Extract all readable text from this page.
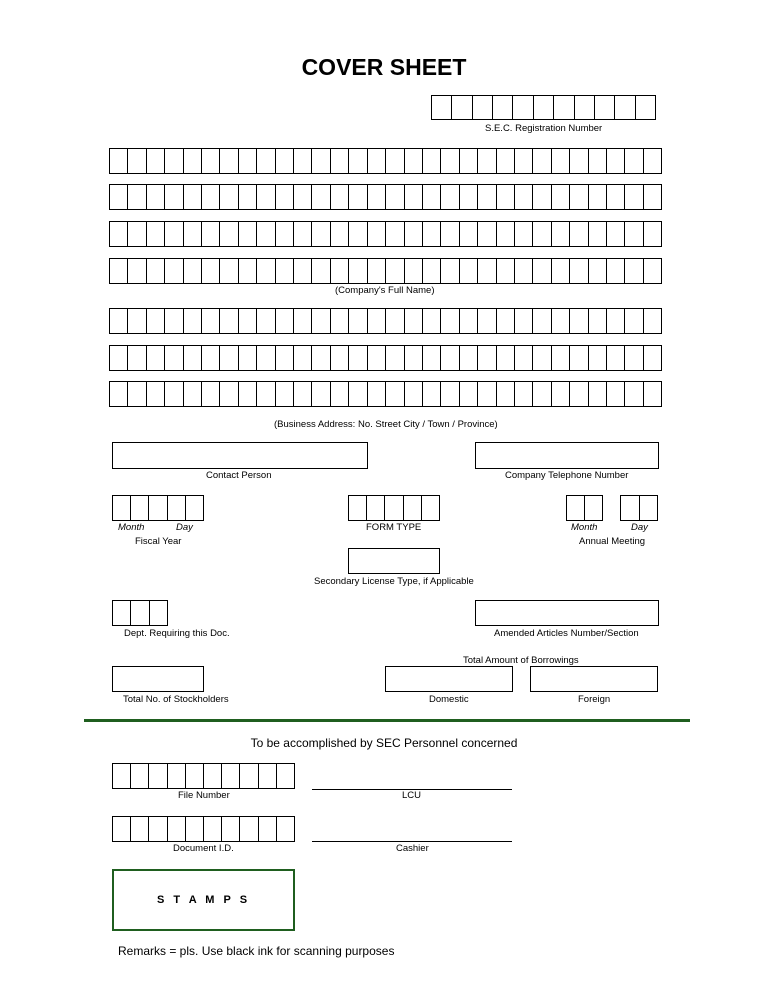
COVER SHEET
S.E.C. Registration Number
(Company's Full Name)
(Business Address: No. Street City / Town / Province)
Contact Person	Company Telephone Number
Month	Day
Fiscal Year
FORM TYPE	Month	Day
Annual Meeting
Secondary License Type, if Applicable
Dept. Requiring this Doc.	Amended Articles Number/Section
Total Amount of Borrowings
Total No. of Stockholders	Domestic	Foreign
To be accomplished by SEC Personnel concerned
File Number	LCU
Document I.D.	Cashier
S T A M P S
Remarks = pls. Use black ink for scanning purposes
